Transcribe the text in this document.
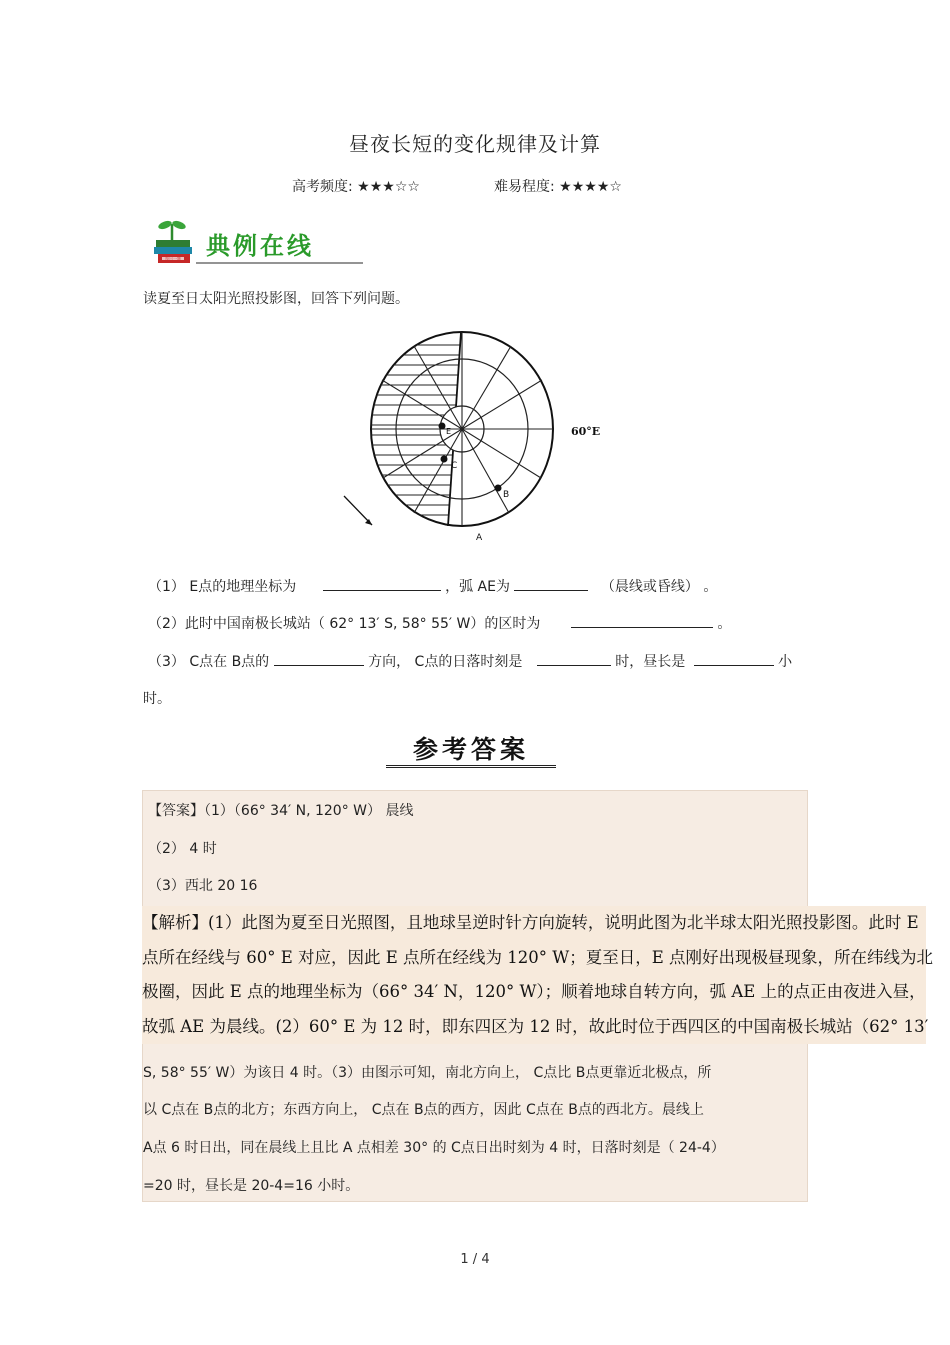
昼夜长短的变化规律及计算
高考频度: ★★★☆☆	难易程度: ★★★★☆
每日一题 典例在线
读夏至日太阳光照投影图，回答下列问题。
E
C
B
A
60°E
（1） E点的地理坐标为	，弧 AE为	（晨线或昏线） 。
（2）此时中国南极长城站（ 62° 13′ S, 58° 55′ W）的区时为	。
（3） C点在 B点的	方向， C点的日落时刻是	时，昼长是	小
时。
参考答案
【答案】（1）（66° 34′ N, 120° W） 晨线
（2） 4 时
（3）西北 20 16
【解析】(1）此图为夏至日光照图，且地球呈逆时针方向旋转，说明此图为北半球太阳光照投影图。此时 E
点所在经线与 60° E 对应，因此 E 点所在经线为 120° W；夏至日，E 点刚好出现极昼现象，所在纬线为北
极圈，因此 E 点的地理坐标为（66° 34′ N，120° W）；顺着地球自转方向，弧 AE 上的点正由夜进入昼，
故弧 AE 为晨线。(2）60° E 为 12 时，即东四区为 12 时，故此时位于西四区的中国南极长城站（62° 13′
S, 58° 55′ W）为该日 4 时。（3）由图示可知，南北方向上， C点比 B点更靠近北极点，所
以 C点在 B点的北方；东西方向上， C点在 B点的西方，因此 C点在 B点的西北方。晨线上
A点 6 时日出，同在晨线上且比 A 点相差 30° 的 C点日出时刻为 4 时，日落时刻是（ 24-4）
=20 时，昼长是 20-4=16 小时。
1 / 4
